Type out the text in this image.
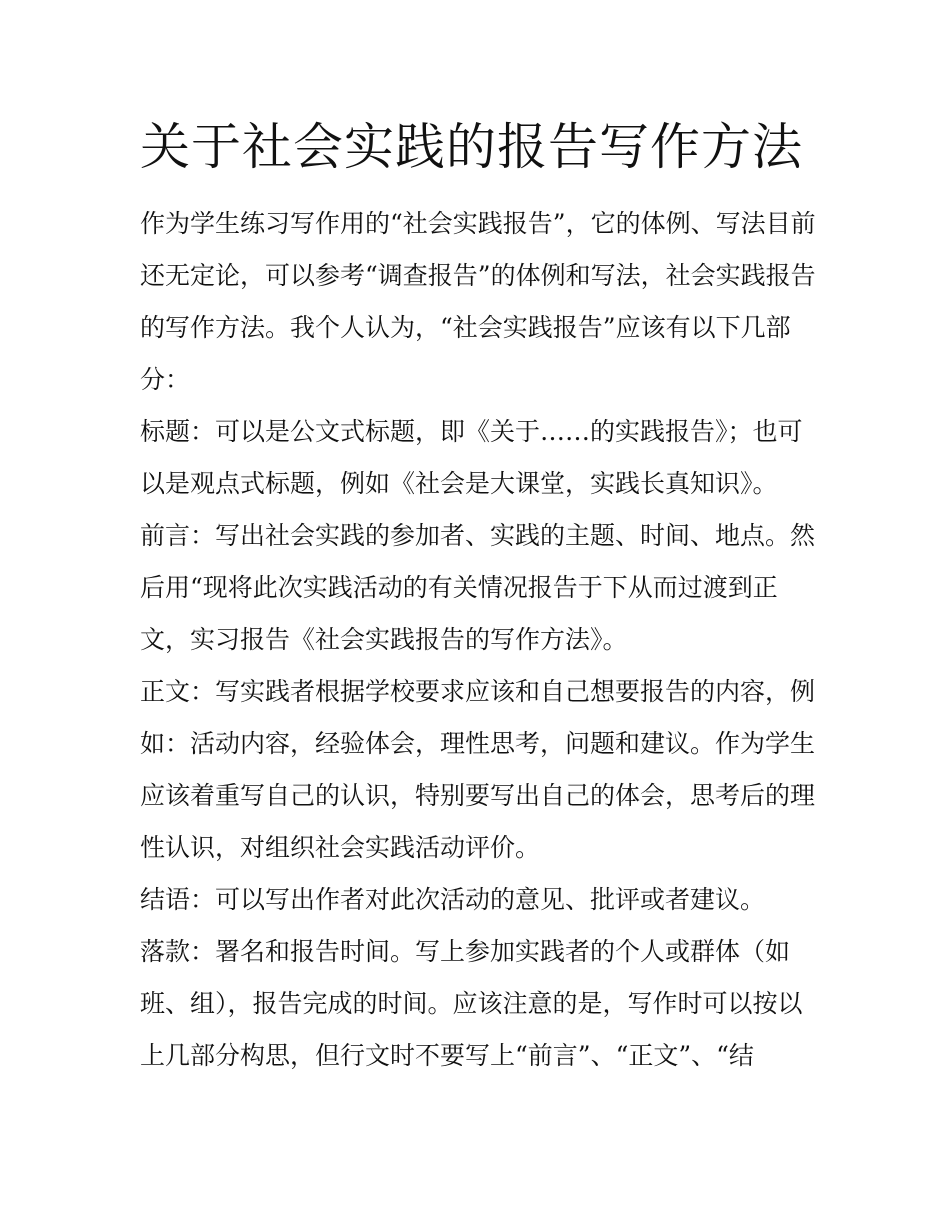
关于社会实践的报告写作方法
作为学生练习写作用的“社会实践报告”，它的体例、写法目前
还无定论，可以参考“调查报告”的体例和写法，社会实践报告
的写作方法。我个人认为，“社会实践报告”应该有以下几部
分：
标题：可以是公文式标题，即《关于……的实践报告》；也可
以是观点式标题，例如《社会是大课堂，实践长真知识》。
前言：写出社会实践的参加者、实践的主题、时间、地点。然
后用“现将此次实践活动的有关情况报告于下从而过渡到正
文，实习报告《社会实践报告的写作方法》。
正文：写实践者根据学校要求应该和自己想要报告的内容，例
如：活动内容，经验体会，理性思考，问题和建议。作为学生
应该着重写自己的认识，特别要写出自己的体会，思考后的理
性认识，对组织社会实践活动评价。
结语：可以写出作者对此次活动的意见、批评或者建议。
落款：署名和报告时间。写上参加实践者的个人或群体（如
班、组），报告完成的时间。应该注意的是，写作时可以按以
上几部分构思，但行文时不要写上“前言”、“正文”、“结
